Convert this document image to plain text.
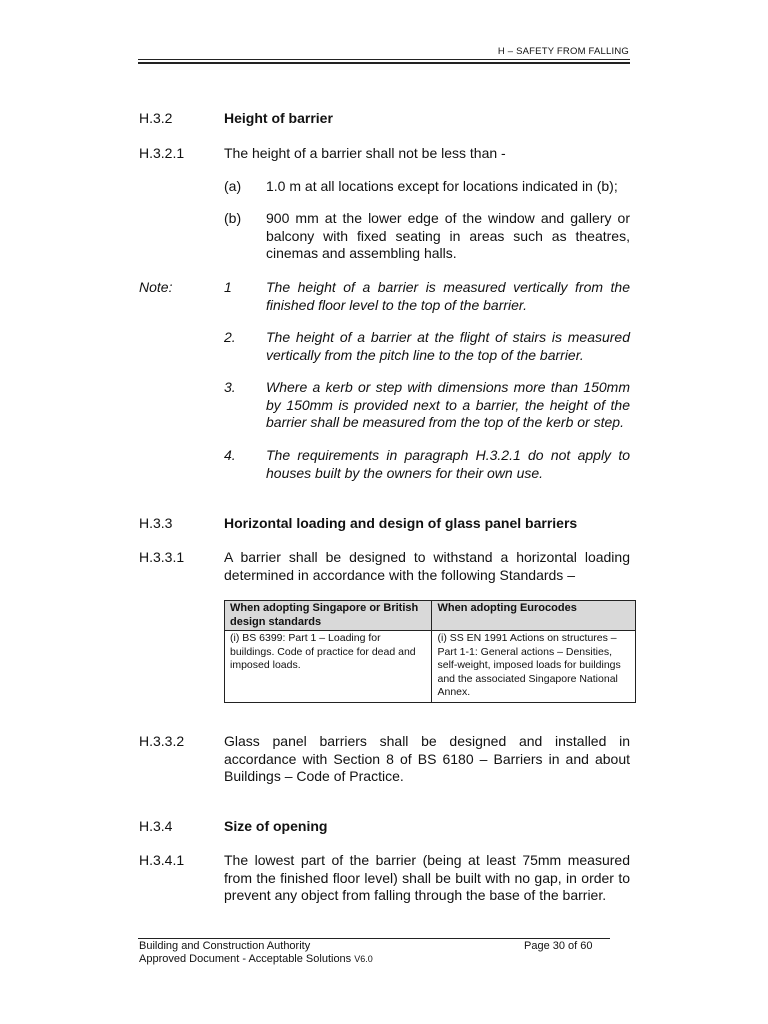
H – SAFETY FROM FALLING
H.3.2	Height of barrier
H.3.2.1	The height of a barrier shall not be less than -
(a) 1.0 m at all locations except for locations indicated in (b);
(b) 900 mm at the lower edge of the window and gallery or balcony with fixed seating in areas such as theatres, cinemas and assembling halls.
Note:	1 The height of a barrier is measured vertically from the finished floor level to the top of the barrier.
2. The height of a barrier at the flight of stairs is measured vertically from the pitch line to the top of the barrier.
3. Where a kerb or step with dimensions more than 150mm by 150mm is provided next to a barrier, the height of the barrier shall be measured from the top of the kerb or step.
4. The requirements in paragraph H.3.2.1 do not apply to houses built by the owners for their own use.
H.3.3	Horizontal loading and design of glass panel barriers
H.3.3.1	A barrier shall be designed to withstand a horizontal loading determined in accordance with the following Standards –
When adopting Singapore or British design standards	When adopting Eurocodes
(i) BS 6399: Part 1 – Loading for buildings. Code of practice for dead and imposed loads.	(i) SS EN 1991 Actions on structures – Part 1-1: General actions – Densities, self-weight, imposed loads for buildings and the associated Singapore National Annex.
H.3.3.2	Glass panel barriers shall be designed and installed in accordance with Section 8 of BS 6180 – Barriers in and about Buildings – Code of Practice.
H.3.4	Size of opening
H.3.4.1	The lowest part of the barrier (being at least 75mm measured from the finished floor level) shall be built with no gap, in order to prevent any object from falling through the base of the barrier.
Building and Construction Authority
Approved Document - Acceptable Solutions V6.0
Page 30 of 60
